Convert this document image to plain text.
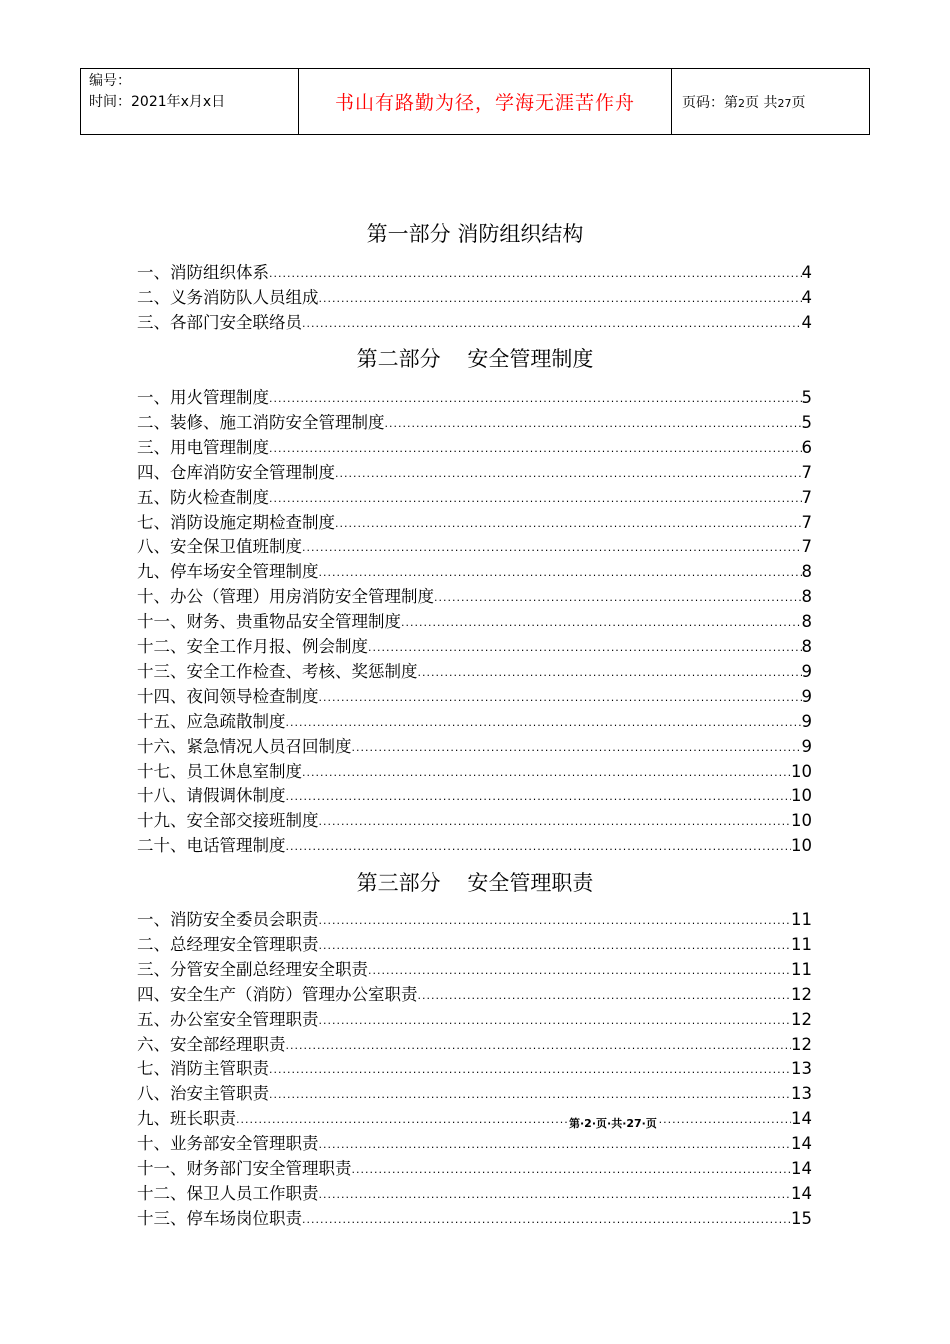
编号：
时间：2021年x月x日	书山有路勤为径，学海无涯苦作舟	页码：第2页 共27页
第一部分 消防组织结构
一、消防组织体系 .....	4
二、义务消防队人员组成 .....	4
三、各部门安全联络员 .....	4
第二部分    安全管理制度
一、用火管理制度 .....	5
二、装修、施工消防安全管理制度 .....	5
三、用电管理制度 .....	6
四、仓库消防安全管理制度 .....	7
五、防火检查制度 .....	7
七、消防设施定期检查制度 .....	7
八、安全保卫值班制度 .....	7
九、停车场安全管理制度 .....	8
十、办公（管理）用房消防安全管理制度 .....	8
十一、财务、贵重物品安全管理制度 .....	8
十二、安全工作月报、例会制度 .....	8
十三、安全工作检查、考核、奖惩制度 .....	9
十四、夜间领导检查制度 .....	9
十五、应急疏散制度 .....	9
十六、紧急情况人员召回制度 .....	9
十七、员工休息室制度 .....	10
十八、请假调休制度 .....	10
十九、安全部交接班制度 .....	10
二十、电话管理制度 .....	10
第三部分    安全管理职责
一、消防安全委员会职责 .....	11
二、总经理安全管理职责 .....	11
三、分管安全副总经理安全职责 .....	11
四、安全生产（消防）管理办公室职责 .....	12
五、办公室安全管理职责 .....	12
六、安全部经理职责 .....	12
七、消防主管职责 .....	13
八、治安主管职责 .....	13
九、班长职责 .....	14
十、业务部安全管理职责 .....	14
十一、财务部门安全管理职责 .....	14
十二、保卫人员工作职责 .....	14
十三、停车场岗位职责 .....	15
第·2·页·共·27·页
